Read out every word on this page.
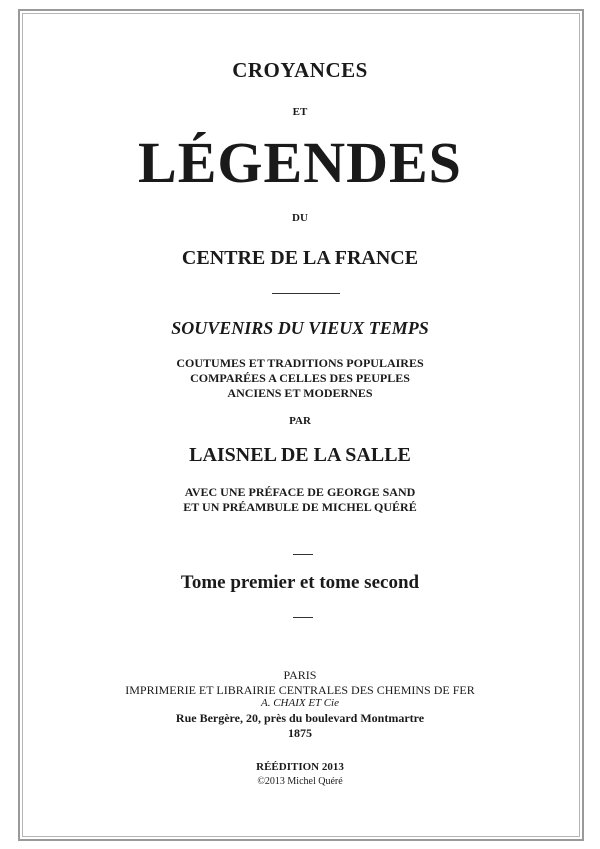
CROYANCES
ET
LÉGENDES
DU
CENTRE DE LA FRANCE
SOUVENIRS DU VIEUX TEMPS
COUTUMES ET TRADITIONS POPULAIRES
COMPARÉES A CELLES DES PEUPLES
ANCIENS ET MODERNES
PAR
LAISNEL DE LA SALLE
AVEC UNE PRÉFACE DE GEORGE SAND
ET UN PRÉAMBULE DE MICHEL QUÉRÉ
Tome premier et tome second
PARIS
IMPRIMERIE ET LIBRAIRIE CENTRALES DES CHEMINS DE FER
A. CHAIX ET Cie
Rue Bergère, 20, près du boulevard Montmartre
1875
RÉÉDITION 2013
©2013 Michel Quéré
